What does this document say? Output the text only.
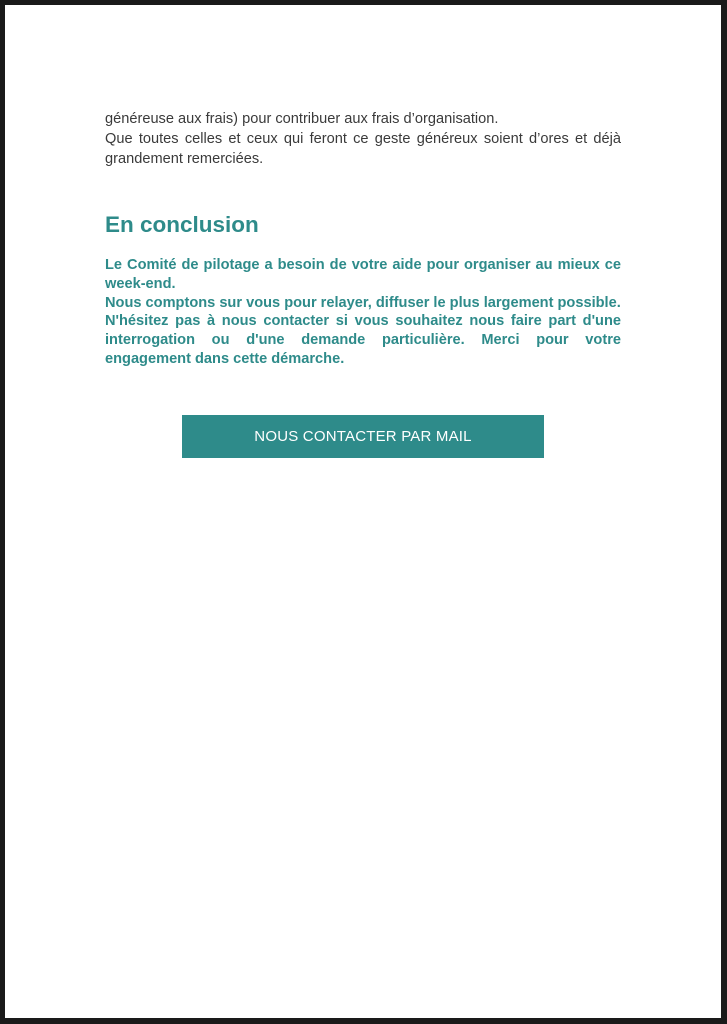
généreuse aux frais) pour contribuer aux frais d’organisation.
Que toutes celles et ceux qui feront ce geste généreux soient d’ores et déjà grandement remerciées.

En conclusion

Le Comité de pilotage a besoin de votre aide pour organiser au mieux ce week-end.
Nous comptons sur vous pour relayer, diffuser le plus largement possible.
N'hésitez pas à nous contacter si vous souhaitez nous faire part d'une interrogation ou d'une demande particulière. Merci pour votre engagement dans cette démarche.

NOUS CONTACTER PAR MAIL
